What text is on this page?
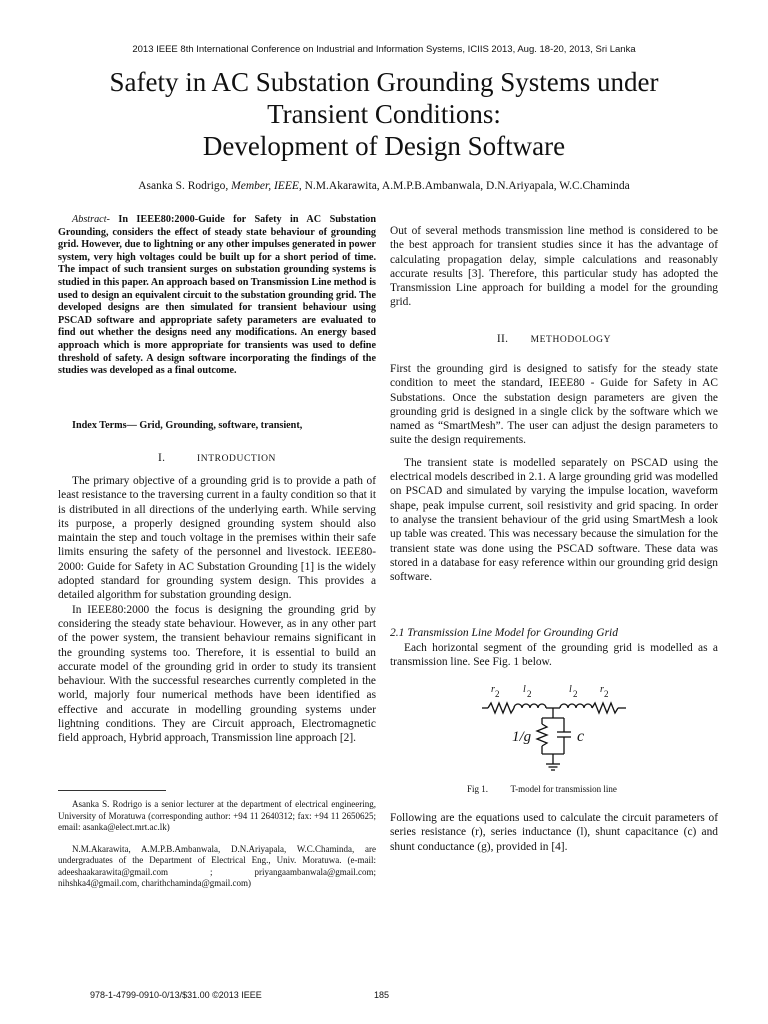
2013 IEEE 8th International Conference on Industrial and Information Systems, ICIIS 2013, Aug. 18-20, 2013, Sri Lanka
Safety in AC Substation Grounding Systems under
Transient Conditions:
Development of Design Software
Asanka S. Rodrigo, Member, IEEE, N.M.Akarawita, A.M.P.B.Ambanwala, D.N.Ariyapala, W.C.Chaminda

Abstract- In IEEE80:2000-Guide for Safety in AC Substation Grounding, considers the effect of steady state behaviour of grounding grid. However, due to lightning or any other impulses generated in power system, very high voltages could be built up for a short period of time. The impact of such transient surges on substation grounding systems is studied in this paper. An approach based on Transmission Line method is used to design an equivalent circuit to the substation grounding grid. The developed designs are then simulated for transient behaviour using PSCAD software and appropriate safety parameters are evaluated to find out whether the designs need any modifications. An energy based approach which is more appropriate for transients was used to define threshold of safety. A design software incorporating the findings of the studies was developed as a final outcome.

Index Terms— Grid, Grounding, software, transient,

I.	INTRODUCTION

The primary objective of a grounding grid is to provide a path of least resistance to the traversing current in a faulty condition so that it is distributed in all directions of the underlying earth. While serving its purpose, a properly designed grounding system should also maintain the step and touch voltage in the premises within their safe limits ensuring the safety of the personnel and livestock. IEEE80-2000: Guide for Safety in AC Substation Grounding [1] is the widely adopted standard for grounding system design. This provides a detailed algorithm for substation grounding design.

In IEEE80:2000 the focus is designing the grounding grid by considering the steady state behaviour. However, as in any other part of the power system, the transient behaviour remains significant in the grounding systems too. Therefore, it is essential to build an accurate model of the grounding grid in order to study its transient behaviour. With the successful researches currently completed in the world, majorly four numerical methods have been identified as effective and accurate in modelling grounding systems under lightning conditions. They are Circuit approach, Electromagnetic field approach, Hybrid approach, Transmission line approach [2].

Asanka S. Rodrigo is a senior lecturer at the department of electrical engineering, University of Moratuwa (corresponding author: +94 11 2640312; fax: +94 11 2650625; email: asanka@elect.mrt.ac.lk)

N.M.Akarawita, A.M.P.B.Ambanwala, D.N.Ariyapala, W.C.Chaminda, are undergraduates of the Department of Electrical Eng., Univ. Moratuwa. (e-mail: adeeshaakarawita@gmail.com ; priyangaambanwala@gmail.com; nihshka4@gmail.com, charithchaminda@gmail.com)

Out of several methods transmission line method is considered to be the best approach for transient studies since it has the advantage of calculating propagation delay, simple calculations and reasonably accurate results [3]. Therefore, this particular study has adopted the Transmission Line approach for building a model for the grounding grid.

II. METHODOLOGY

First the grounding gird is designed to satisfy for the steady state condition to meet the standard, IEEE80 - Guide for Safety in AC Substations. Once the substation design parameters are given the grounding grid is designed in a single click by the software which we named as “SmartMesh”. The user can adjust the design parameters to suite the design requirements.

The transient state is modelled separately on PSCAD using the electrical models described in 2.1. A large grounding grid was modelled on PSCAD and simulated by varying the impulse location, waveform shape, peak impulse current, soil resistivity and grid spacing. In order to analyse the transient behaviour of the grid using SmartMesh a look up table was created. This was necessary because the simulation for the transient state was done using the PSCAD software. These data was stored in a database for easy reference within our grounding grid design software.

2.1 Transmission Line Model for Grounding Grid

Each horizontal segment of the grounding grid is modelled as a transmission line. See Fig. 1 below.

r 2 l 2	l 2 r 2
1/g	c
Fig 1.	T-model for transmission line

Following are the equations used to calculate the circuit parameters of series resistance (r), series inductance (l), shunt capacitance (c) and shunt conductance (g), provided in [4].

978-1-4799-0910-0/13/$31.00 ©2013 IEEE	185
